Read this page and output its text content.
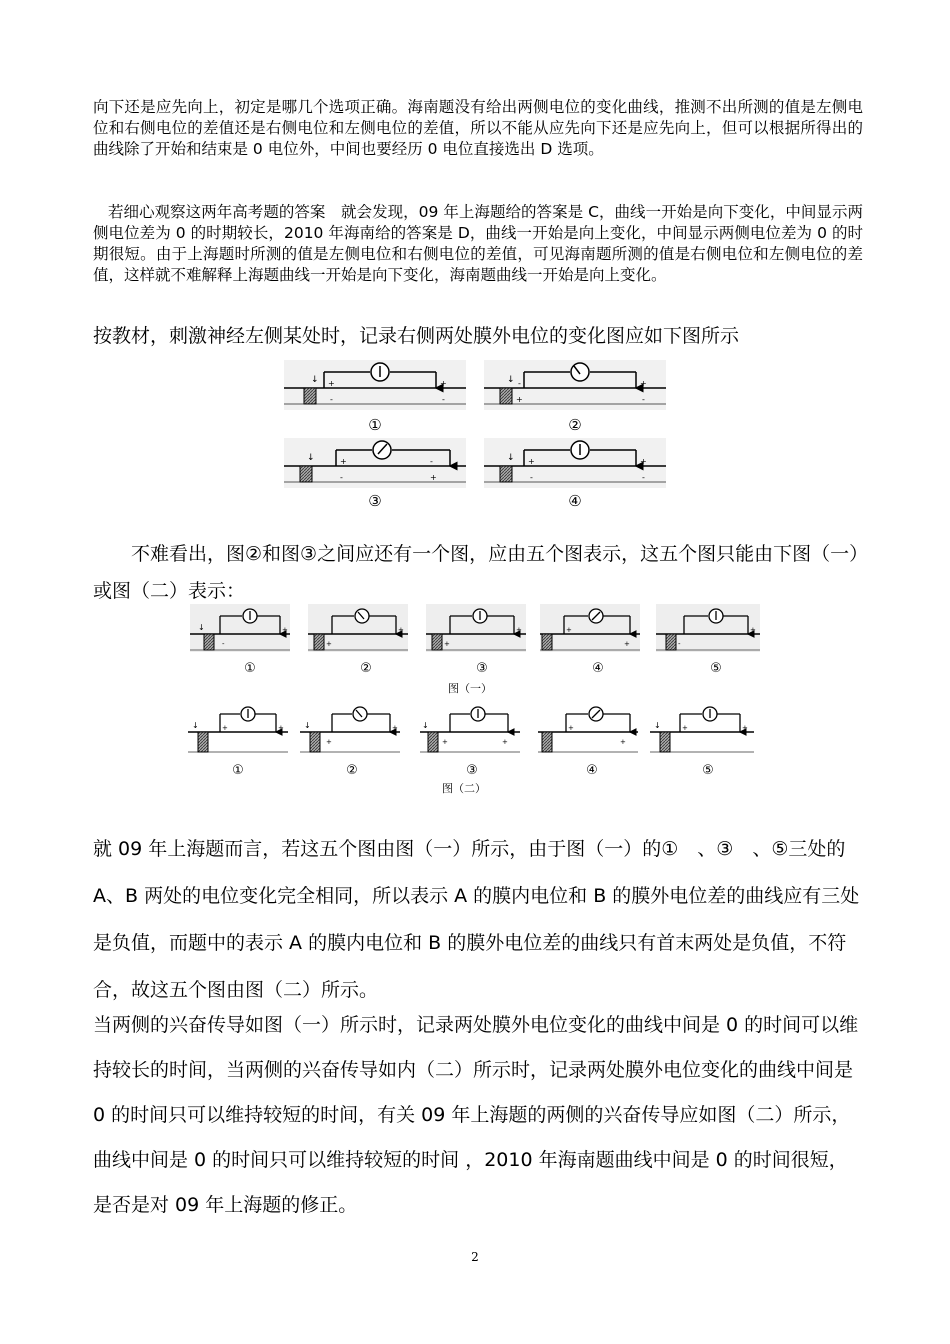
向下还是应先向上，初定是哪几个选项正确。海南题没有给出两侧电位的变化曲线，推测不出所测的值是左侧电位和右侧电位的差值还是右侧电位和左侧电位的差值，所以不能从应先向下还是应先向上，但可以根据所得出的曲线除了开始和结束是 0 电位外，中间也要经历 0 电位直接选出 D 选项。

若细心观察这两年高考题的答案　就会发现，09 年上海题给的答案是 C，曲线一开始是向下变化，中间显示两侧电位差为 0 的时期较长，2010 年海南给的答案是 D，曲线一开始是向上变化，中间显示两侧电位差为 0 的时期很短。由于上海题时所测的值是左侧电位和右侧电位的差值，可见海南题所测的值是右侧电位和左侧电位的差值，这样就不难解释上海题曲线一开始是向下变化，海南题曲线一开始是向上变化。

按教材，刺激神经左侧某处时，记录右侧两处膜外电位的变化图应如下图所示

↓ +
-
+
-
①
↓ -
+
+
-
②
↓	+
-
-
+
③
↓ +
-
+
-
④

不难看出，图②和图③之间应还有一个图，应由五个图表示，这五个图只能由下图（一）或图（二）表示：

↓
-
+
+
+
+
+	+
+	-
+
①	②	③	④	⑤
图（一）
↓	+	+	↓
+
+	↓
+	+
+
+
↓	+	+
①	②	③	④	⑤
图（二）

就 09 年上海题而言，若这五个图由图（一）所示，由于图（一）的①　、③　、⑤三处的 A、B 两处的电位变化完全相同，所以表示 A 的膜内电位和 B 的膜外电位差的曲线应有三处是负值，而题中的表示 A 的膜内电位和 B 的膜外电位差的曲线只有首末两处是负值，不符合，故这五个图由图（二）所示。

当两侧的兴奋传导如图（一）所示时，记录两处膜外电位变化的曲线中间是 0 的时间可以维持较长的时间，当两侧的兴奋传导如内（二）所示时，记录两处膜外电位变化的曲线中间是 0 的时间只可以维持较短的时间，有关 09 年上海题的两侧的兴奋传导应如图（二）所示，曲线中间是 0 的时间只可以维持较短的时间 ，2010 年海南题曲线中间是 0 的时间很短，是否是对 09 年上海题的修正。

2
